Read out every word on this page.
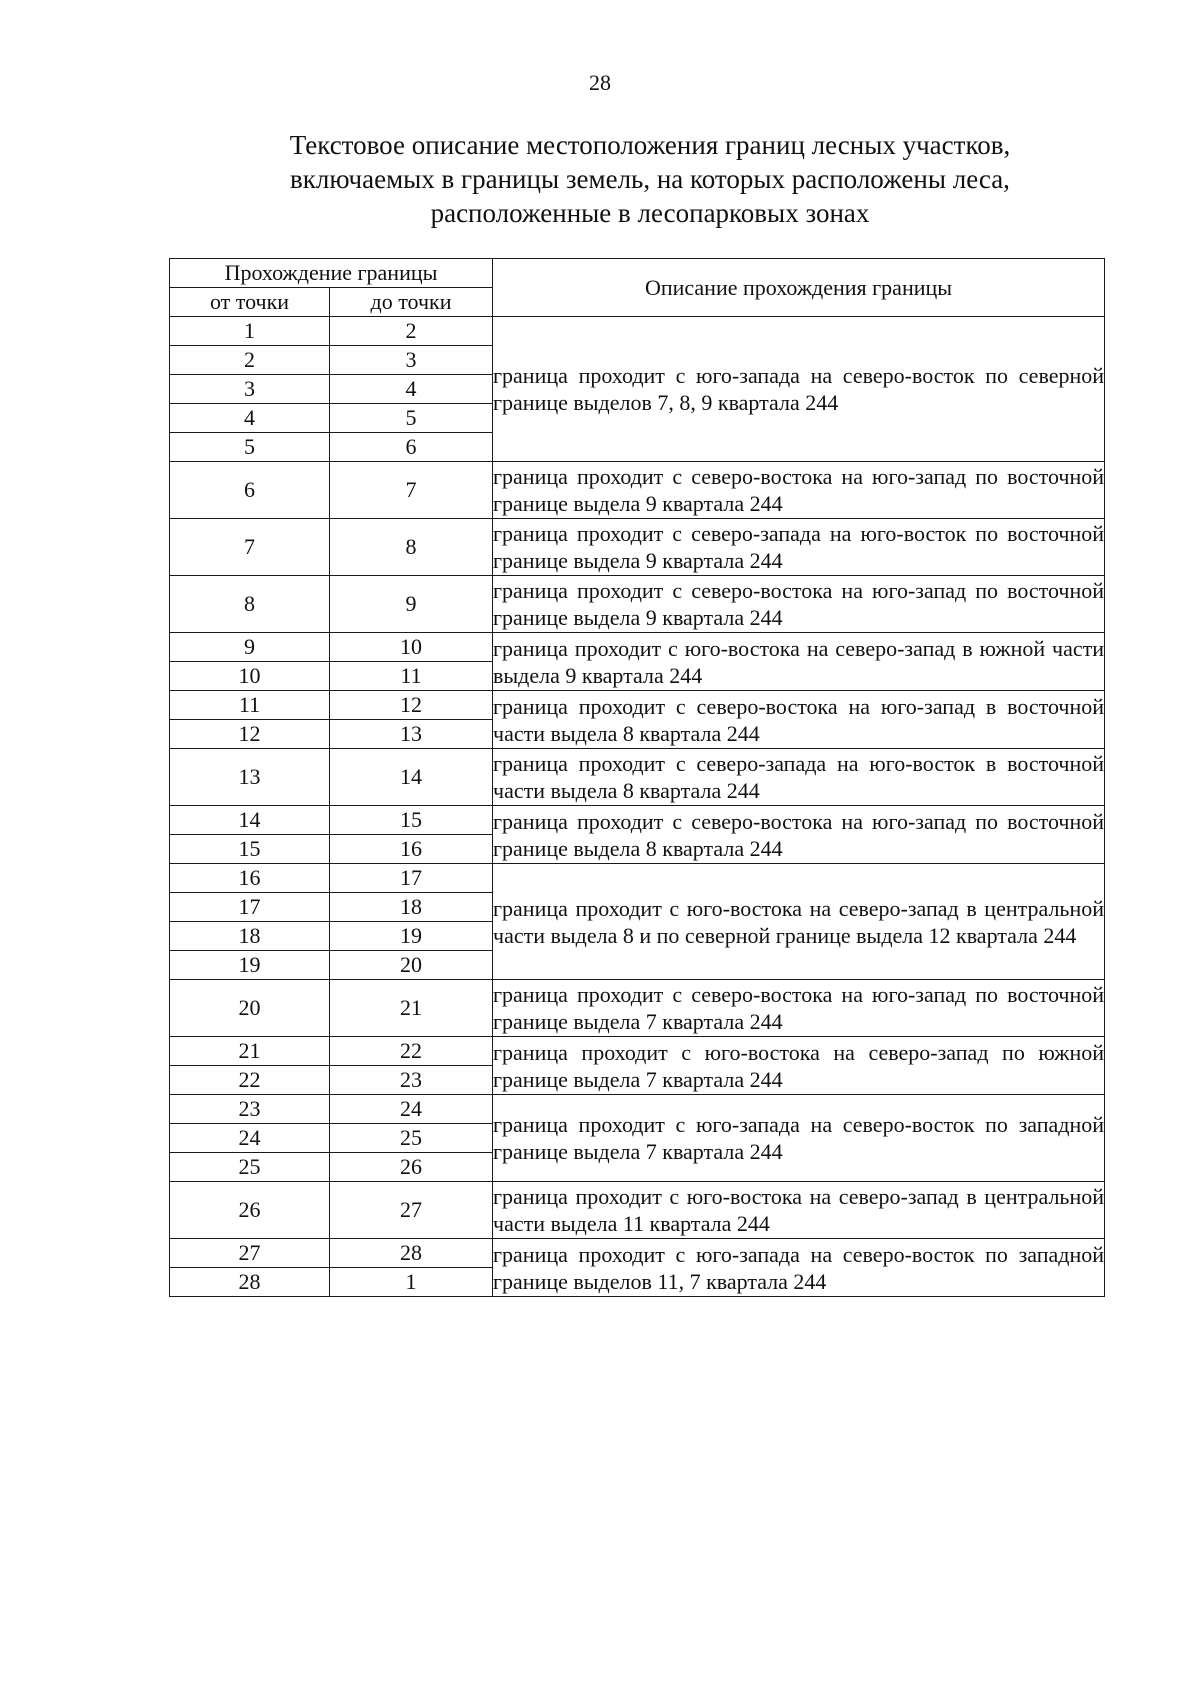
28
Текстовое описание местоположения границ лесных участков,
включаемых в границы земель, на которых расположены леса,
расположенные в лесопарковых зонах
Прохождение границы		Описание прохождения границы
от точки	до точки	
1	2	граница проходит с юго-запада на северо-восток по северной границе выделов 7, 8, 9 квартала 244
2	3	
3	4	
4	5	
5	6	
6	7	граница проходит с северо-востока на юго-запад по восточной границе выдела 9 квартала 244
7	8	граница проходит с северо-запада на юго-восток по восточной границе выдела 9 квартала 244
8	9	граница проходит с северо-востока на юго-запад по восточной границе выдела 9 квартала 244
9	10	граница проходит с юго-востока на северо-запад в южной части выдела 9 квартала 244
10	11	
11	12	граница проходит с северо-востока на юго-запад в восточной части выдела 8 квартала 244
12	13	
13	14	граница проходит с северо-запада на юго-восток в восточной части выдела 8 квартала 244
14	15	граница проходит с северо-востока на юго-запад по восточной границе выдела 8 квартала 244
15	16	
16	17	граница проходит с юго-востока на северо-запад в центральной части выдела 8 и по северной границе выдела 12 квартала 244
17	18	
18	19	
19	20	
20	21	граница проходит с северо-востока на юго-запад по восточной границе выдела 7 квартала 244
21	22	граница проходит с юго-востока на северо-запад по южной границе выдела 7 квартала 244
22	23	
23	24	граница проходит с юго-запада на северо-восток по западной границе выдела 7 квартала 244
24	25	
25	26	
26	27	граница проходит с юго-востока на северо-запад в центральной части выдела 11 квартала 244
27	28	граница проходит с юго-запада на северо-восток по западной границе выделов 11, 7 квартала 244
28	1	
